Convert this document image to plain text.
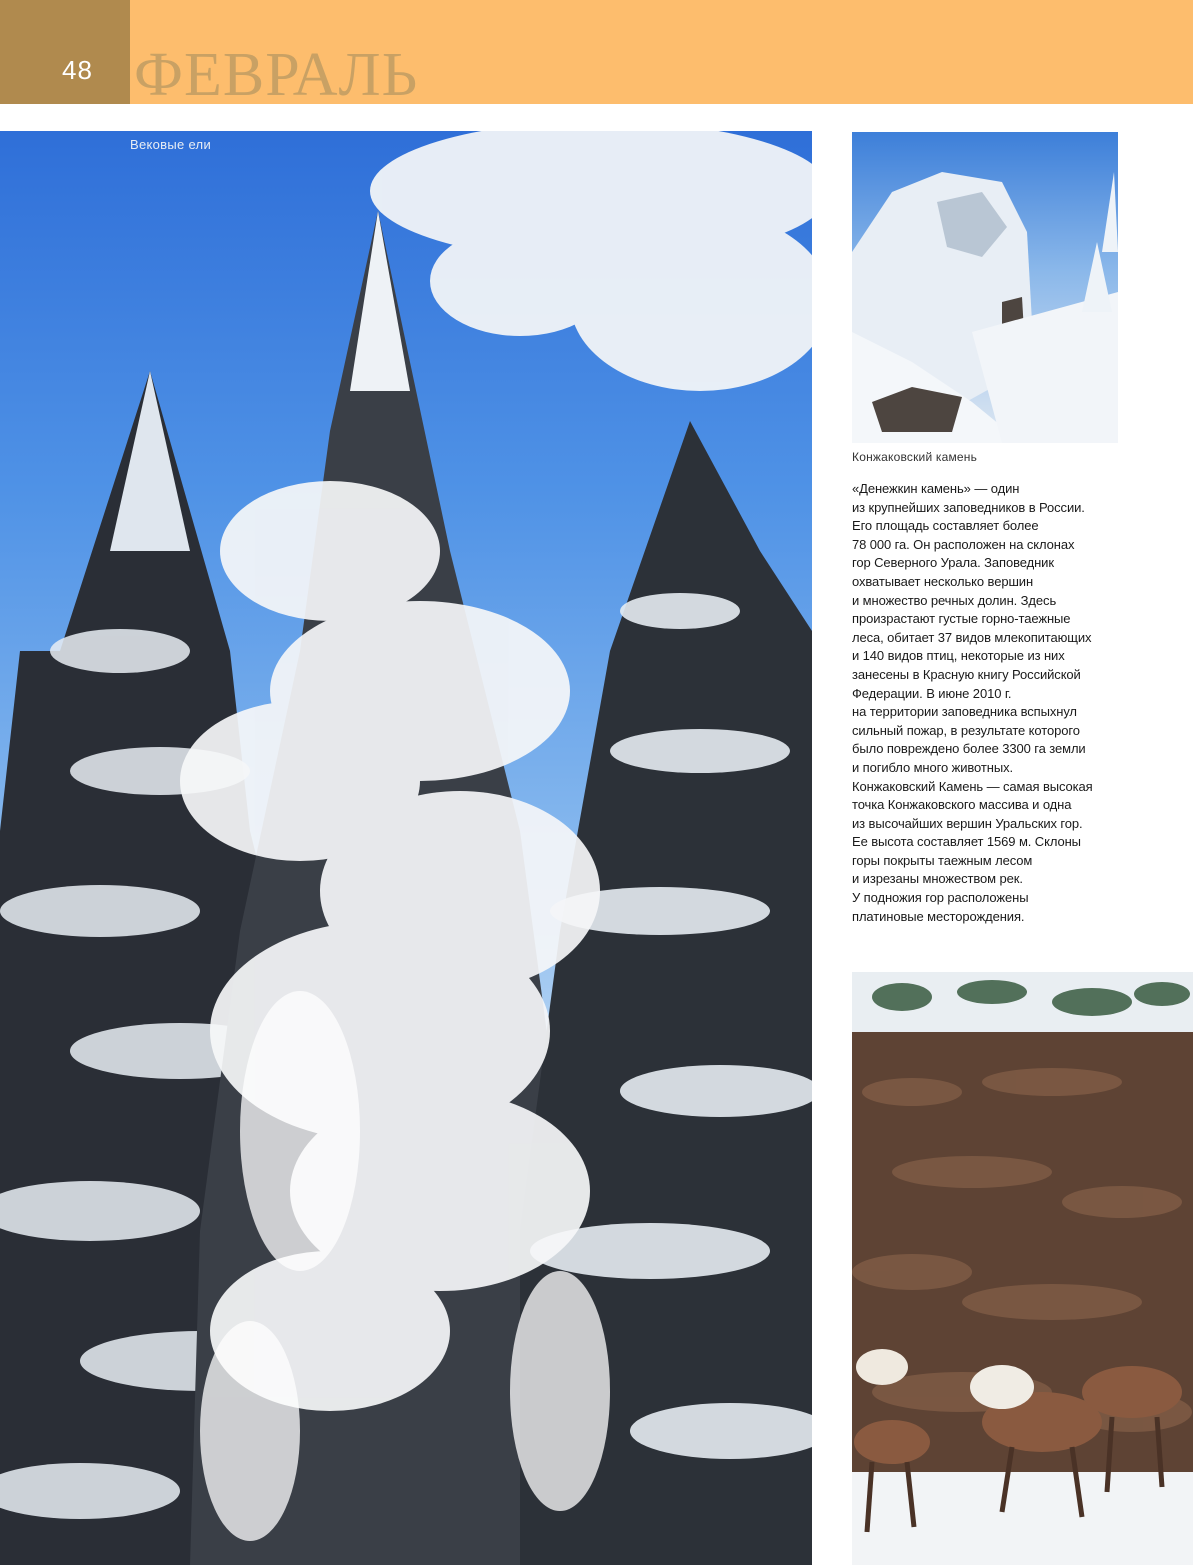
48 ФЕВРАЛЬ
Вековые ели
Конжаковский камень
«Денежкин камень» — один
из крупнейших заповедников в России.
Его площадь составляет более
78 000 га. Он расположен на склонах
гор Северного Урала. Заповедник
охватывает несколько вершин
и множество речных долин. Здесь
произрастают густые горно-таежные
леса, обитает 37 видов млекопитающих
и 140 видов птиц, некоторые из них
занесены в Красную книгу Российской
Федерации. В июне 2010 г.
на территории заповедника вспыхнул
сильный пожар, в результате которого
было повреждено более 3300 га земли
и погибло много животных.
Конжаковский Камень — самая высокая
точка Конжаковского массива и одна
из высочайших вершин Уральских гор.
Ее высота составляет 1569 м. Склоны
горы покрыты таежным лесом
и изрезаны множеством рек.
У подножия гор расположены
платиновые месторождения.
